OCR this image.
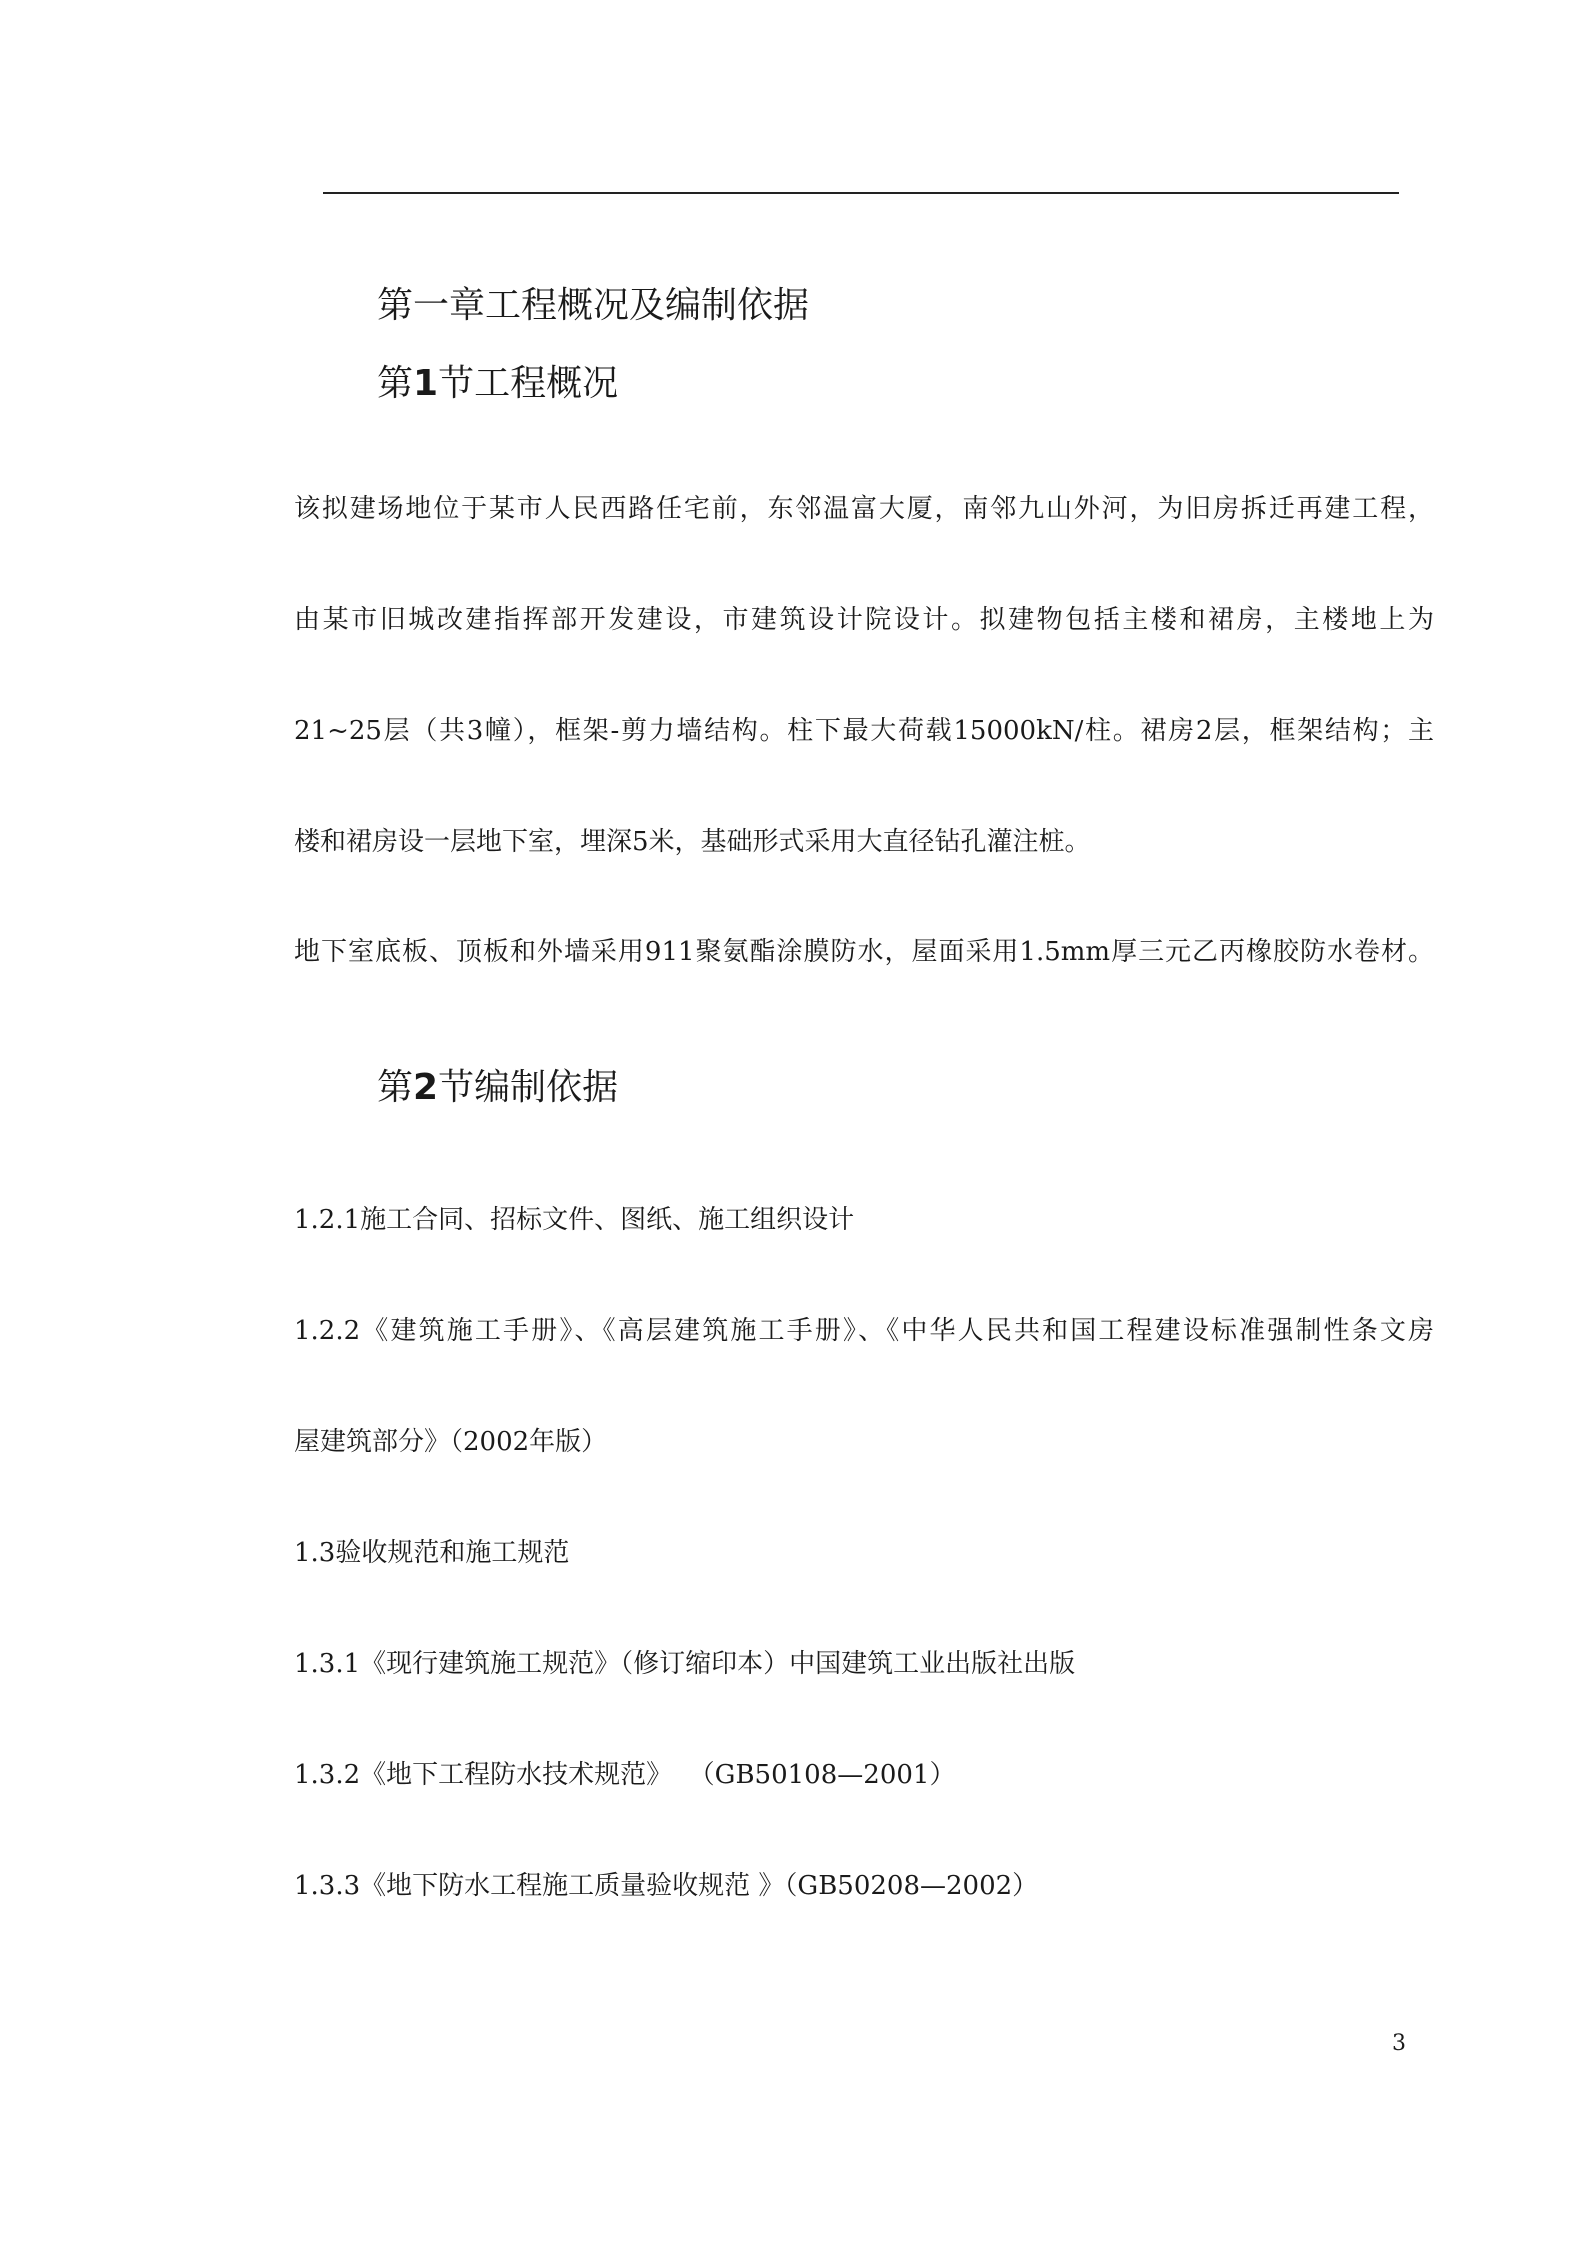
第一章工程概况及编制依据
第1节工程概况

该拟建场地位于某市人民西路任宅前，东邻温富大厦，南邻九山外河，为旧房拆迁再建工程，

由某市旧城改建指挥部开发建设，市建筑设计院设计。拟建物包括主楼和裙房，主楼地上为

21~25层（共3幢），框架-剪力墙结构。柱下最大荷载15000kN/柱。裙房2层，框架结构；主

楼和裙房设一层地下室，埋深5米，基础形式采用大直径钻孔灌注桩。

地下室底板、顶板和外墙采用911聚氨酯涂膜防水，屋面采用1.5mm厚三元乙丙橡胶防水卷材。

第2节编制依据

1.2.1施工合同、招标文件、图纸、施工组织设计

1.2.2《建筑施工手册》、《高层建筑施工手册》、《中华人民共和国工程建设标准强制性条文房

屋建筑部分》（2002年版）

1.3验收规范和施工规范

1.3.1《现行建筑施工规范》（修订缩印本）中国建筑工业出版社出版

1.3.2《地下工程防水技术规范》  （GB50108—2001）

1.3.3《地下防水工程施工质量验收规范 》（GB50208—2002）

3
